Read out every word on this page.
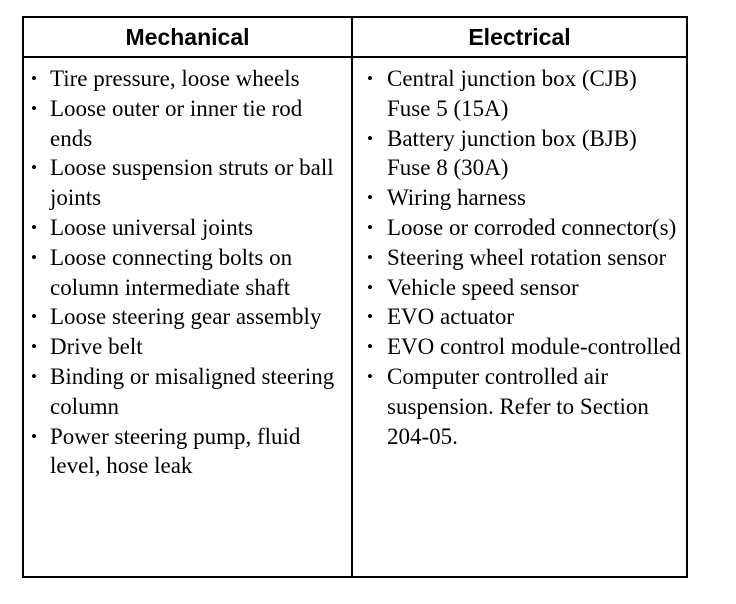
Mechanical	Electrical
• Tire pressure, loose wheels
• Loose outer or inner tie rod ends
• Loose suspension struts or ball joints
• Loose universal joints
• Loose connecting bolts on column intermediate shaft
• Loose steering gear assembly
• Drive belt
• Binding or misaligned steering column
• Power steering pump, fluid level, hose leak
• Central junction box (CJB) Fuse 5 (15A)
• Battery junction box (BJB) Fuse 8 (30A)
• Wiring harness
• Loose or corroded connector(s)
• Steering wheel rotation sensor
• Vehicle speed sensor
• EVO actuator
• EVO control module-controlled
• Computer controlled air suspension. Refer to Section 204-05.
